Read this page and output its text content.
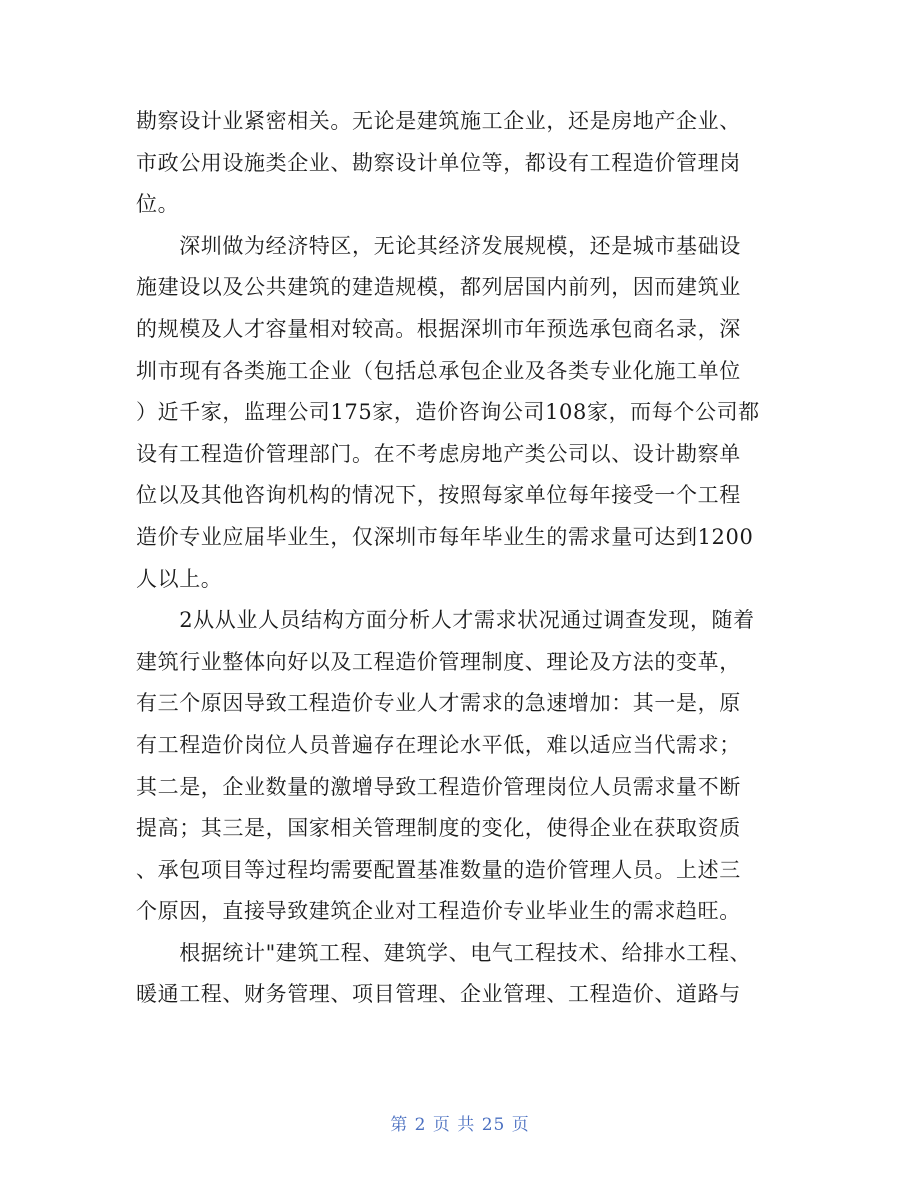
勘察设计业紧密相关。无论是建筑施工企业，还是房地产企业、
市政公用设施类企业、勘察设计单位等，都设有工程造价管理岗
位。

　　深圳做为经济特区，无论其经济发展规模，还是城市基础设
施建设以及公共建筑的建造规模，都列居国内前列，因而建筑业
的规模及人才容量相对较高。根据深圳市年预选承包商名录，深
圳市现有各类施工企业（包括总承包企业及各类专业化施工单位
）近千家，监理公司175家，造价咨询公司108家，而每个公司都
设有工程造价管理部门。在不考虑房地产类公司以、设计勘察单
位以及其他咨询机构的情况下，按照每家单位每年接受一个工程
造价专业应届毕业生，仅深圳市每年毕业生的需求量可达到1200
人以上。

　　2从从业人员结构方面分析人才需求状况通过调查发现，随着
建筑行业整体向好以及工程造价管理制度、理论及方法的变革，
有三个原因导致工程造价专业人才需求的急速增加：其一是，原
有工程造价岗位人员普遍存在理论水平低，难以适应当代需求；
其二是，企业数量的激增导致工程造价管理岗位人员需求量不断
提高；其三是，国家相关管理制度的变化，使得企业在获取资质
、承包项目等过程均需要配置基准数量的造价管理人员。上述三
个原因，直接导致建筑企业对工程造价专业毕业生的需求趋旺。

　　根据统计"建筑工程、建筑学、电气工程技术、给排水工程、
暖通工程、财务管理、项目管理、企业管理、工程造价、道路与

第 2 页 共 25 页
